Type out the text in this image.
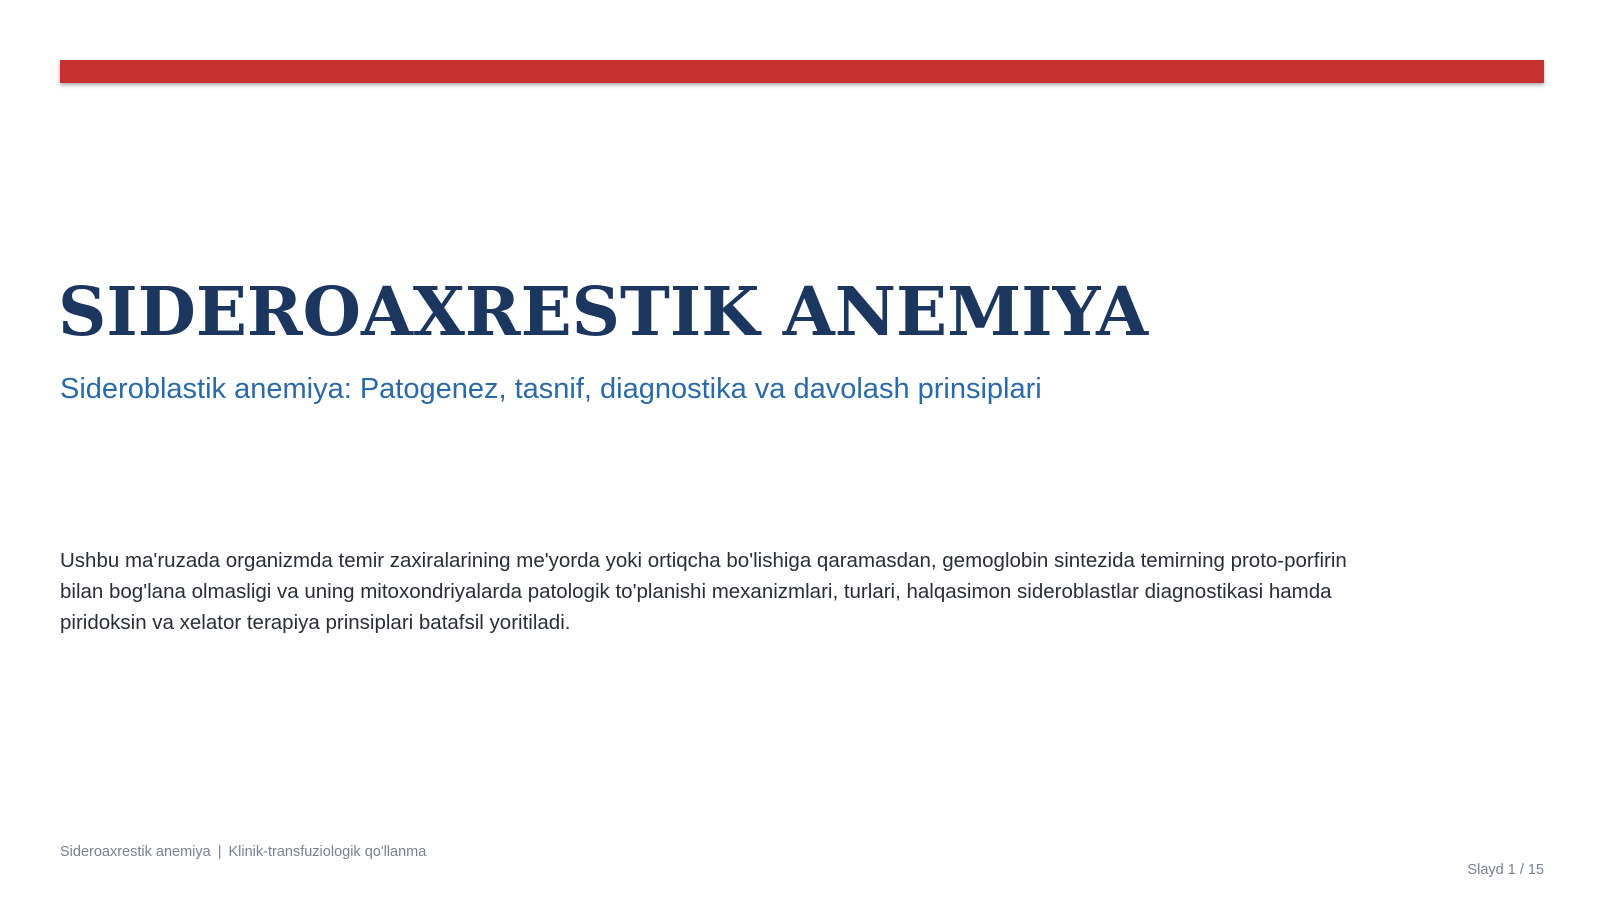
SIDEROAXRESTIK ANEMIYA

Sideroblastik anemiya: Patogenez, tasnif, diagnostika va davolash prinsiplari

Ushbu ma'ruzada organizmda temir zaxiralarining me'yorda yoki ortiqcha bo'lishiga qaramasdan, gemoglobin sintezida temirning proto-porfirin bilan bog'lana olmasligi va uning mitoxondriyalarda patologik to'planishi mexanizmlari, turlari, halqasimon sideroblastlar diagnostikasi hamda piridoksin va xelator terapiya prinsiplari batafsil yoritiladi.

Sideroaxrestik anemiya | Klinik-transfuziologik qo'llanma
Slayd 1 / 15
